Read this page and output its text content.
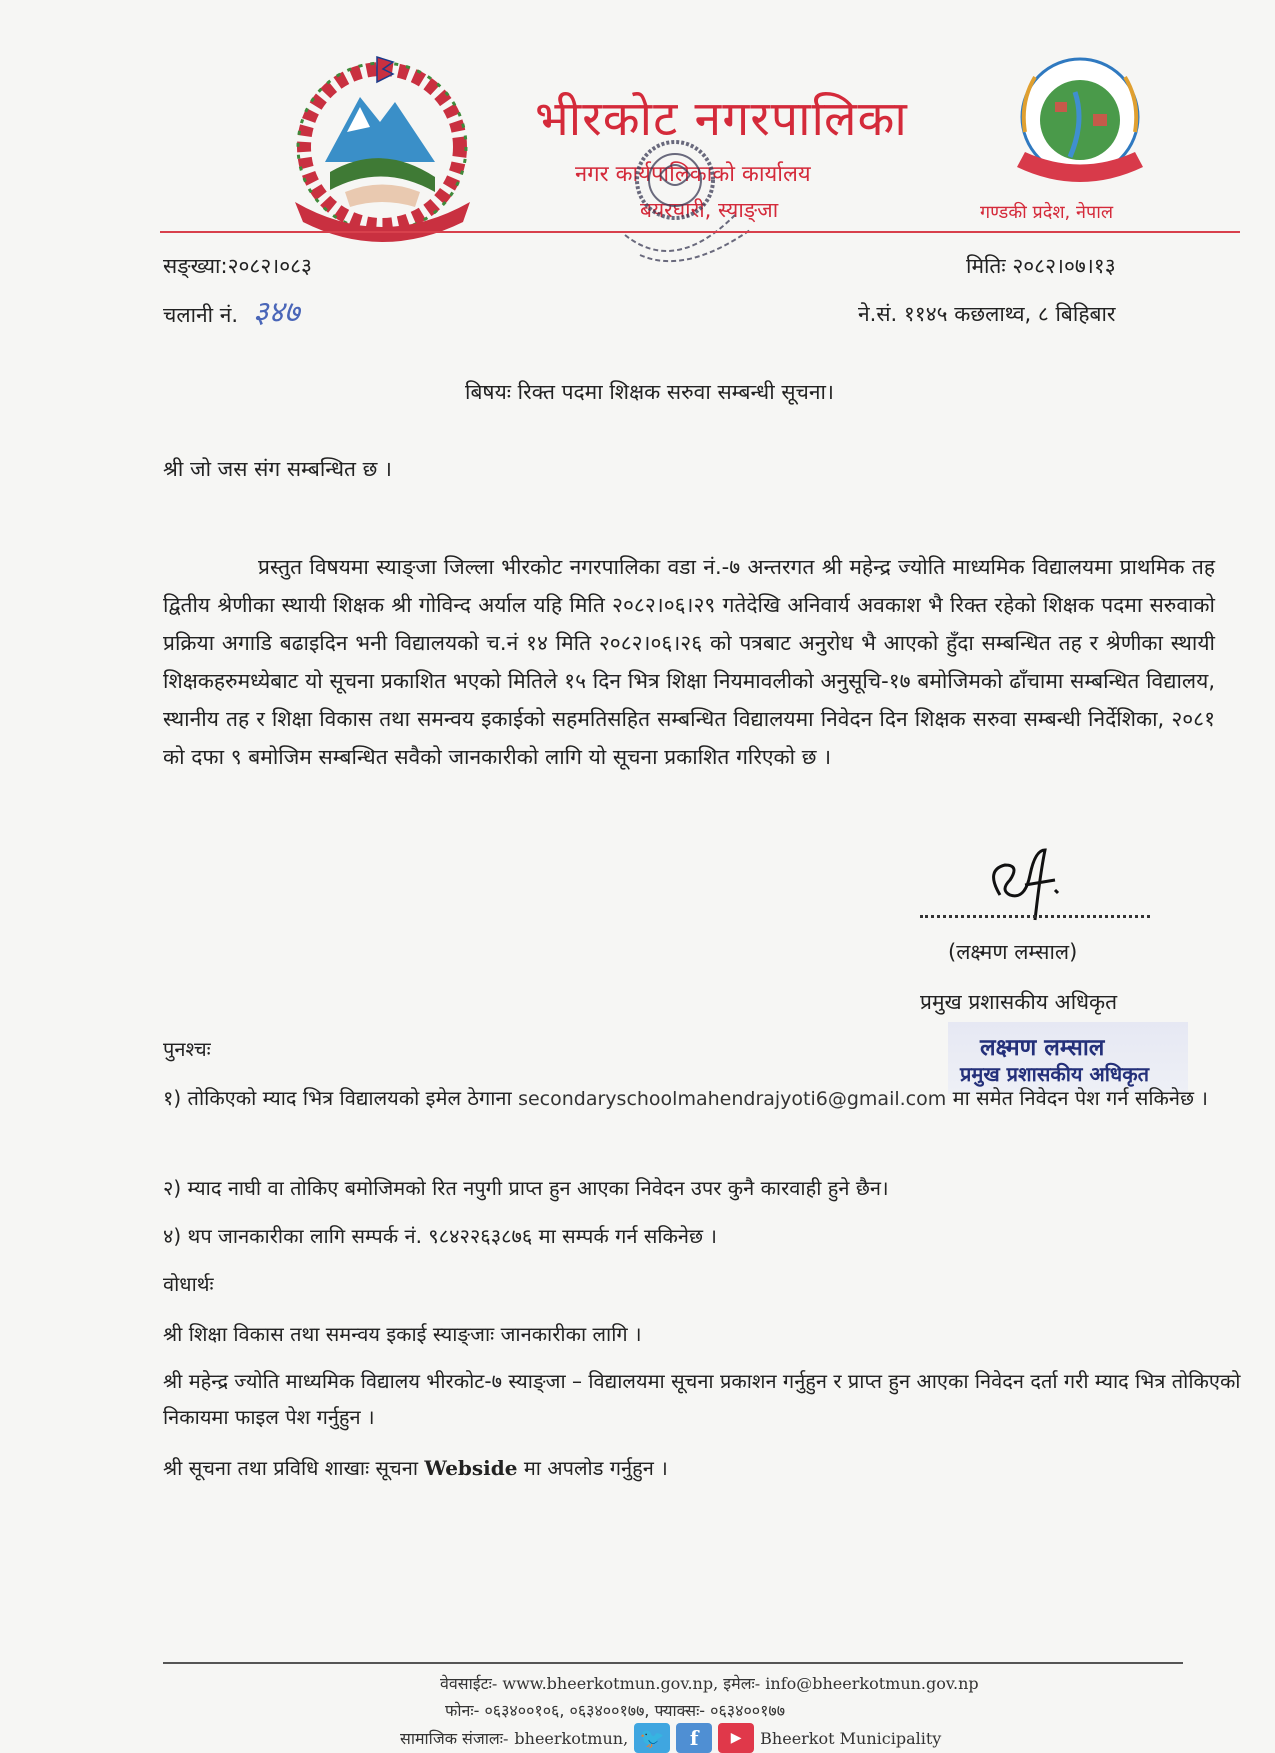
भीरकोट नगरपालिका
नगर कार्यपालिकाको कार्यालय
बयरघारी, स्याङ्जा	गण्डकी प्रदेश, नेपाल
सङ्ख्या:२०८२।०८३
चलानी नं. ३४७
मितिः २०८२।०७।१३
ने.सं. ११४५ कछलाथ्व, ८ बिहिबार
बिषयः रिक्त पदमा शिक्षक सरुवा सम्बन्धी सूचना।
श्री जो जस संग सम्बन्धित छ ।
प्रस्तुत विषयमा स्याङ्जा जिल्ला भीरकोट नगरपालिका वडा नं.-७ अन्तरगत श्री महेन्द्र ज्योति माध्यमिक विद्यालयमा प्राथमिक तह द्वितीय श्रेणीका स्थायी शिक्षक श्री गोविन्द अर्याल यहि मिति २०८२।०६।२९ गतेदेखि अनिवार्य अवकाश भै रिक्त रहेको शिक्षक पदमा सरुवाको प्रक्रिया अगाडि बढाइदिन भनी विद्यालयको च.नं १४ मिति २०८२।०६।२६ को पत्रबाट अनुरोध भै आएको हुँदा सम्बन्धित तह र श्रेणीका स्थायी शिक्षकहरुमध्येबाट यो सूचना प्रकाशित भएको मितिले १५ दिन भित्र शिक्षा नियमावलीको अनुसूचि-१७ बमोजिमको ढाँचामा सम्बन्धित विद्यालय, स्थानीय तह र शिक्षा विकास तथा समन्वय इकाईको सहमतिसहित सम्बन्धित विद्यालयमा निवेदन दिन शिक्षक सरुवा सम्बन्धी निर्देशिका, २०८१ को दफा ९ बमोजिम सम्बन्धित सवैको जानकारीको लागि यो सूचना प्रकाशित गरिएको छ ।
(लक्ष्मण लम्साल)
प्रमुख प्रशासकीय अधिकृत
लक्ष्मण लम्साल
प्रमुख प्रशासकीय अधिकृत
पुनश्चः
१) तोकिएको म्याद भित्र विद्यालयको इमेल ठेगाना secondaryschoolmahendrajyoti6@gmail.com मा समेत निवेदन पेश गर्न सकिनेछ ।
२) म्याद नाघी वा तोकिए बमोजिमको रित नपुगी प्राप्त हुन आएका निवेदन उपर कुनै कारवाही हुने छैन।
४) थप जानकारीका लागि सम्पर्क नं. ९८४२२६३८७६ मा सम्पर्क गर्न सकिनेछ ।
वोधार्थः
श्री शिक्षा विकास तथा समन्वय इकाई स्याङ्जाः जानकारीका लागि ।
श्री महेन्द्र ज्योति माध्यमिक विद्यालय भीरकोट-७ स्याङ्जा – विद्यालयमा सूचना प्रकाशन गर्नुहुन र प्राप्त हुन आएका निवेदन दर्ता गरी म्याद भित्र तोकिएको निकायमा फाइल पेश गर्नुहुन ।
श्री सूचना तथा प्रविधि शाखाः सूचना Webside मा अपलोड गर्नुहुन ।
वेवसाईटः- www.bheerkotmun.gov.np, इमेलः- info@bheerkotmun.gov.np
फोनः- ०६३४००१०६, ०६३४००१७७, फ्याक्सः- ०६३४००१७७
सामाजिक संजालः- bheerkotmun, 🐦	f	▶	Bheerkot Municipality
